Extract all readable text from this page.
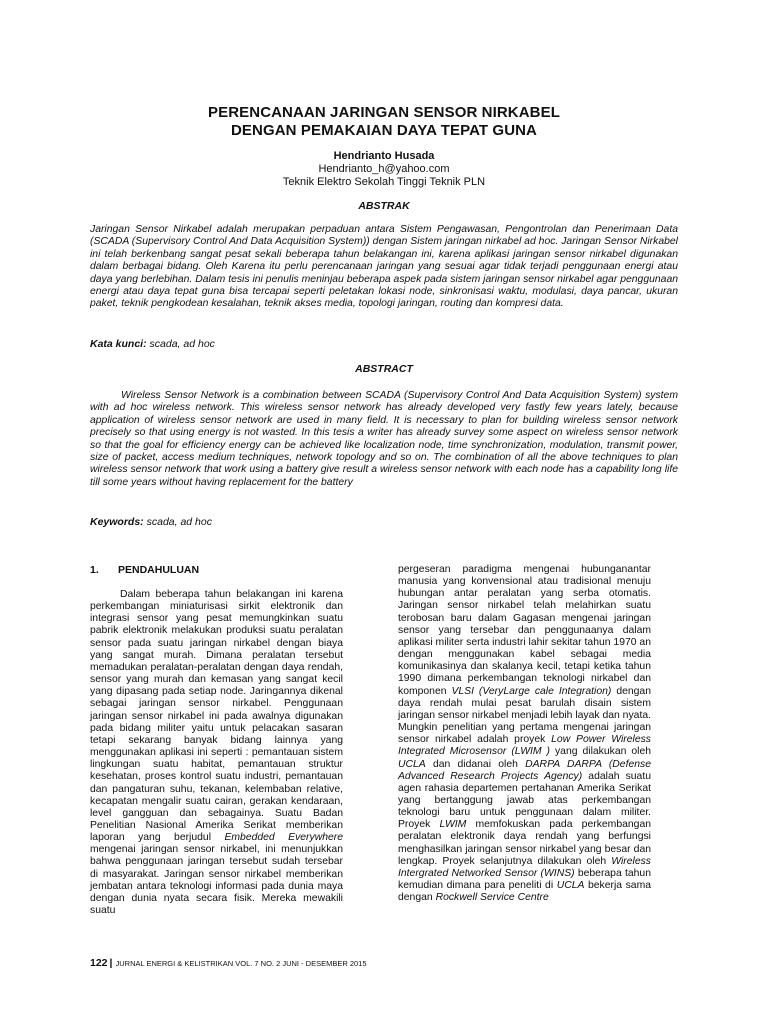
PERENCANAAN JARINGAN SENSOR NIRKABEL
DENGAN PEMAKAIAN DAYA TEPAT GUNA
Hendrianto Husada
Hendrianto_h@yahoo.com
Teknik Elektro Sekolah Tinggi Teknik PLN
ABSTRAK
Jaringan Sensor Nirkabel adalah merupakan perpaduan antara Sistem Pengawasan, Pengontrolan dan Penerimaan Data (SCADA (Supervisory Control And Data Acquisition System)) dengan Sistem jaringan nirkabel ad hoc. Jaringan Sensor Nirkabel ini telah berkenbang sangat pesat sekali beberapa tahun belakangan ini, karena aplikasi jaringan sensor nirkabel digunakan dalam berbagai bidang. Oleh Karena itu perlu perencanaan jaringan yang sesuai agar tidak terjadi penggunaan energi atau daya yang berlebihan. Dalam tesis ini penulis meninjau beberapa aspek pada sistem jaringan sensor nirkabel agar penggunaan energi atau daya tepat guna bisa tercapai seperti peletakan lokasi node, sinkronisasi waktu, modulasi, daya pancar, ukuran paket, teknik pengkodean kesalahan, teknik akses media, topologi jaringan, routing dan kompresi data.
Kata kunci: scada, ad hoc
ABSTRACT
Wireless Sensor Network is a combination between SCADA (Supervisory Control And Data Acquisition System) system with ad hoc wireless network. This wireless sensor network has already developed very fastly few years lately, because application of wireless sensor network are used in many field. It is necessary to plan for building wireless sensor network precisely so that using energy is not wasted. In this tesis a writer has already survey some aspect on wireless sensor network so that the goal for efficiency energy can be achieved like localization node, time synchronization, modulation, transmit power, size of packet, access medium techniques, network topology and so on. The combination of all the above techniques to plan wireless sensor network that work using a battery give result a wireless sensor network with each node has a capability long life till some years without having replacement for the battery
Keywords: scada, ad hoc
1. PENDAHULUAN
Dalam beberapa tahun belakangan ini karena perkembangan miniaturisasi sirkit elektronik dan integrasi sensor yang pesat memungkinkan suatu pabrik elektronik melakukan produksi suatu peralatan sensor pada suatu jaringan nirkabel dengan biaya yang sangat murah. Dimana peralatan tersebut memadukan peralatan-peralatan dengan daya rendah, sensor yang murah dan kemasan yang sangat kecil yang dipasang pada setiap node. Jaringannya dikenal sebagai jaringan sensor nirkabel. Penggunaan jaringan sensor nirkabel ini pada awalnya digunakan pada bidang militer yaitu untuk pelacakan sasaran tetapi sekarang banyak bidang lainnya yang menggunakan aplikasi ini seperti : pemantauan sistem lingkungan suatu habitat, pemantauan struktur kesehatan, proses kontrol suatu industri, pemantauan dan pangaturan suhu, tekanan, kelembaban relative, kecapatan mengalir suatu cairan, gerakan kendaraan, level gangguan dan sebagainya. Suatu Badan Penelitian Nasional Amerika Serikat memberikan laporan yang berjudul Embedded Everywhere mengenai jaringan sensor nirkabel, ini menunjukkan bahwa penggunaan jaringan tersebut sudah tersebar di masyarakat. Jaringan sensor nirkabel memberikan jembatan antara teknologi informasi pada dunia maya dengan dunia nyata secara fisik. Mereka mewakili suatu
pergeseran paradigma mengenai hubunganantar manusia yang konvensional atau tradisional menuju hubungan antar peralatan yang serba otomatis. Jaringan sensor nirkabel telah melahirkan suatu terobosan baru dalam Gagasan mengenai jaringan sensor yang tersebar dan penggunaanya dalam aplikasi militer serta industri lahir sekitar tahun 1970 an dengan menggunakan kabel sebagai media komunikasinya dan skalanya kecil, tetapi ketika tahun 1990 dimana perkembangan teknologi nirkabel dan komponen VLSI (VeryLarge cale Integration) dengan daya rendah mulai pesat barulah disain sistem jaringan sensor nirkabel menjadi lebih layak dan nyata. Mungkin penelitian yang pertama mengenai jaringan sensor nirkabel adalah proyek Low Power Wireless Integrated Microsensor (LWIM ) yang dilakukan oleh UCLA dan didanai oleh DARPA DARPA (Defense Advanced Research Projects Agency) adalah suatu agen rahasia departemen pertahanan Amerika Serikat yang bertanggung jawab atas perkembangan teknologi baru untuk penggunaan dalam militer. Proyek LWIM memfokuskan pada perkembangan peralatan elektronik daya rendah yang berfungsi menghasilkan jaringan sensor nirkabel yang besar dan lengkap. Proyek selanjutnya dilakukan oleh Wireless Intergrated Networked Sensor (WINS) beberapa tahun kemudian dimana para peneliti di UCLA bekerja sama dengan Rockwell Service Centre
122 | JURNAL ENERGI & KELISTRIKAN VOL. 7 NO. 2 JUNI - DESEMBER 2015
